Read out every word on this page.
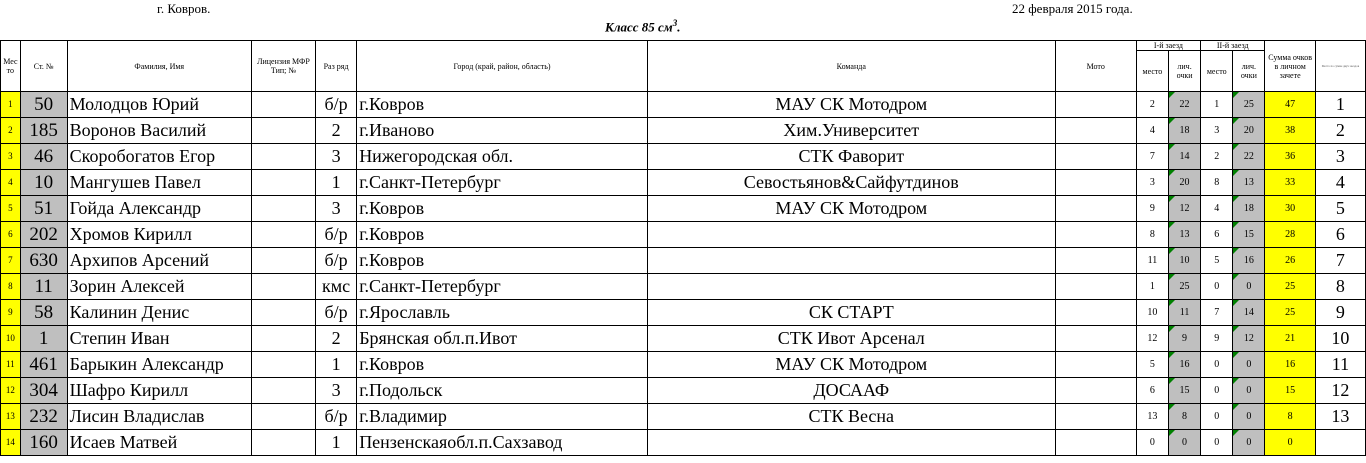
г. Ковров.	22 февраля 2015 года.
Класс 85 $см^3$.
Мес то	Ст. №	Фамилия, Имя	Лицензия МФР Тип; №	Раз ряд	Город (край, район, область)	Команда	Мото	I-й заезд		II-й заезд		Сумма очков в личном зачете	Место по сумме двух заездов
								место	лич. очки	место	лич. очки		
1	50	Молодцов Юрий		б/р	г.Ковров	МАУ СК Мотодром		2	22	1	25	47	1
2	185	Воронов Василий		2	г.Иваново	Хим.Университет		4	18	3	20	38	2
3	46	Скоробогатов Егор		3	Нижегородская обл.	СТК Фаворит		7	14	2	22	36	3
4	10	Мангушев Павел		1	г.Санкт-Петербург	Севостьянов&Сайфутдинов		3	20	8	13	33	4
5	51	Гойда Александр		3	г.Ковров	МАУ СК Мотодром		9	12	4	18	30	5
6	202	Хромов Кирилл		б/р	г.Ковров			8	13	6	15	28	6
7	630	Архипов Арсений		б/р	г.Ковров			11	10	5	16	26	7
8	11	Зорин Алексей		кмс	г.Санкт-Петербург			1	25	0	0	25	8
9	58	Калинин Денис		б/р	г.Ярославль	СК СТАРТ		10	11	7	14	25	9
10	1	Степин Иван		2	Брянская обл.п.Ивот	СТК Ивот Арсенал		12	9	9	12	21	10
11	461	Барыкин Александр		1	г.Ковров	МАУ СК Мотодром		5	16	0	0	16	11
12	304	Шафро Кирилл		3	г.Подольск	ДОСААФ		6	15	0	0	15	12
13	232	Лисин Владислав		б/р	г.Владимир	СТК Весна		13	8	0	0	8	13
14	160	Исаев Матвей		1	Пензенскаяобл.п.Сахзавод			0	0	0	0	0	
